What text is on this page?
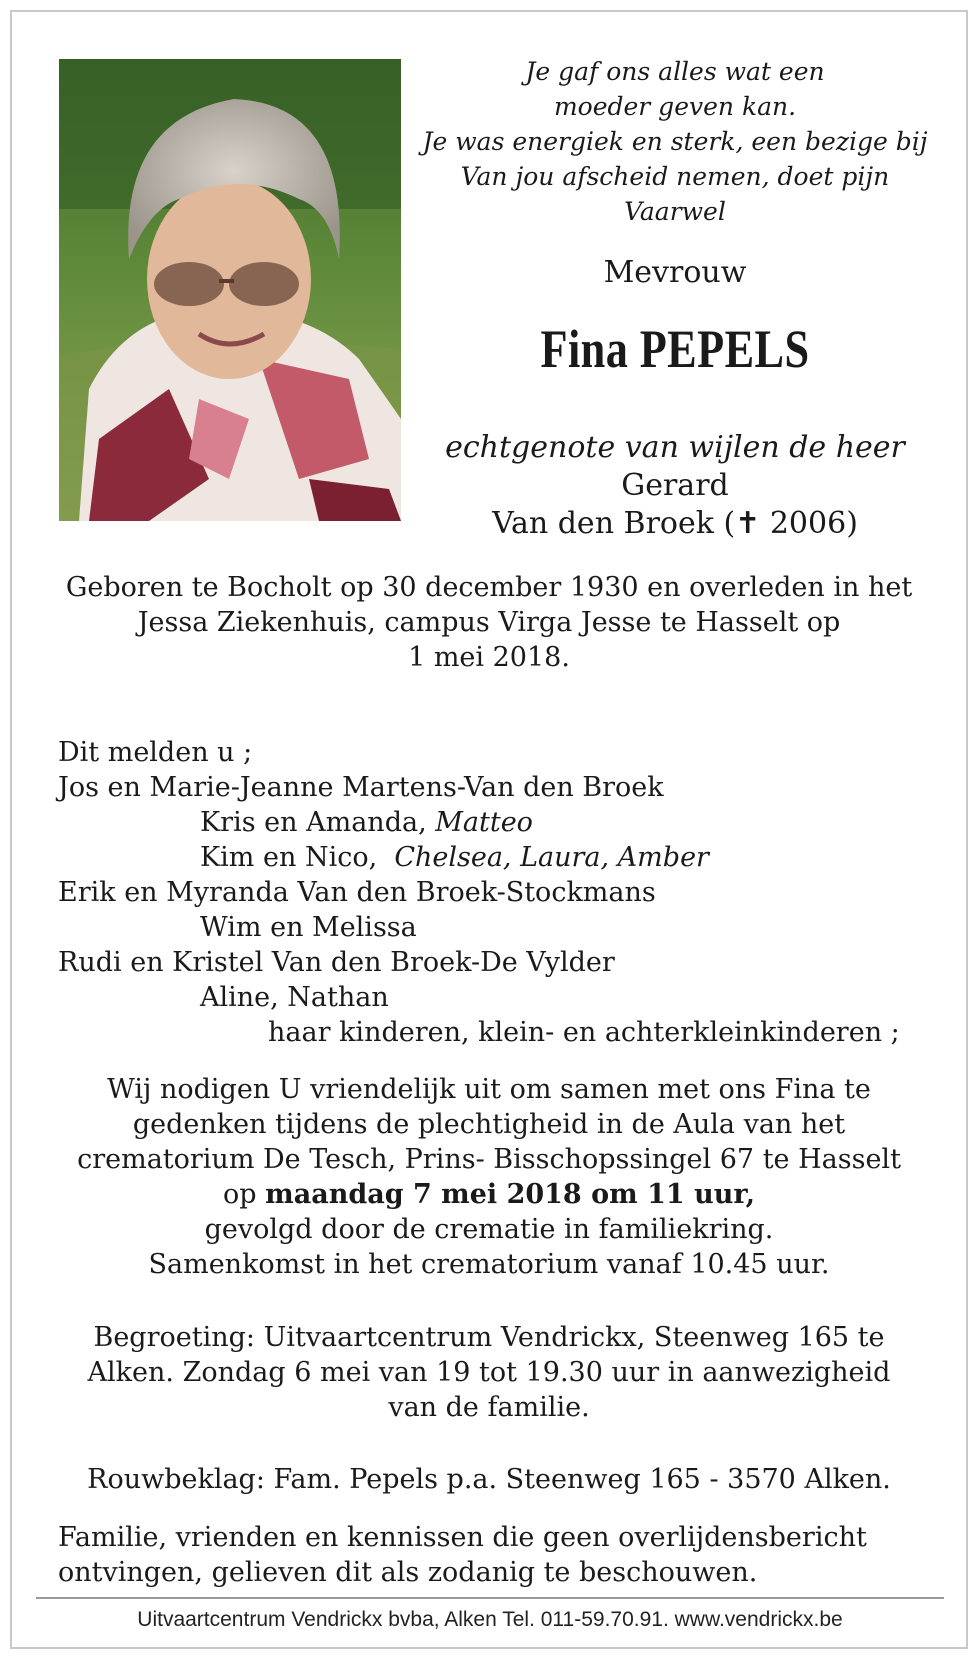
Je gaf ons alles wat een
moeder geven kan.
Je was energiek en sterk, een bezige bij
Van jou afscheid nemen, doet pijn
Vaarwel
Mevrouw
Fina PEPELS
echtgenote van wijlen de heer
Gerard
Van den Broek (✝ 2006)
Geboren te Bocholt op 30 december 1930 en overleden in het
Jessa Ziekenhuis, campus Virga Jesse te Hasselt op
1 mei 2018.
Dit melden u ;
Jos en Marie-Jeanne Martens-Van den Broek
Kris en Amanda, Matteo
Kim en Nico, Chelsea, Laura, Amber
Erik en Myranda Van den Broek-Stockmans
Wim en Melissa
Rudi en Kristel Van den Broek-De Vylder
Aline, Nathan
haar kinderen, klein- en achterkleinkinderen ;
Wij nodigen U vriendelijk uit om samen met ons Fina te
gedenken tijdens de plechtigheid in de Aula van het
crematorium De Tesch, Prins- Bisschopssingel 67 te Hasselt
op maandag 7 mei 2018 om 11 uur,
gevolgd door de crematie in familiekring.
Samenkomst in het crematorium vanaf 10.45 uur.
Begroeting: Uitvaartcentrum Vendrickx, Steenweg 165 te
Alken. Zondag 6 mei van 19 tot 19.30 uur in aanwezigheid
van de familie.
Rouwbeklag: Fam. Pepels p.a. Steenweg 165 - 3570 Alken.
Familie, vrienden en kennissen die geen overlijdensbericht
ontvingen, gelieven dit als zodanig te beschouwen.
Uitvaartcentrum Vendrickx bvba, Alken Tel. 011-59.70.91. www.vendrickx.be
